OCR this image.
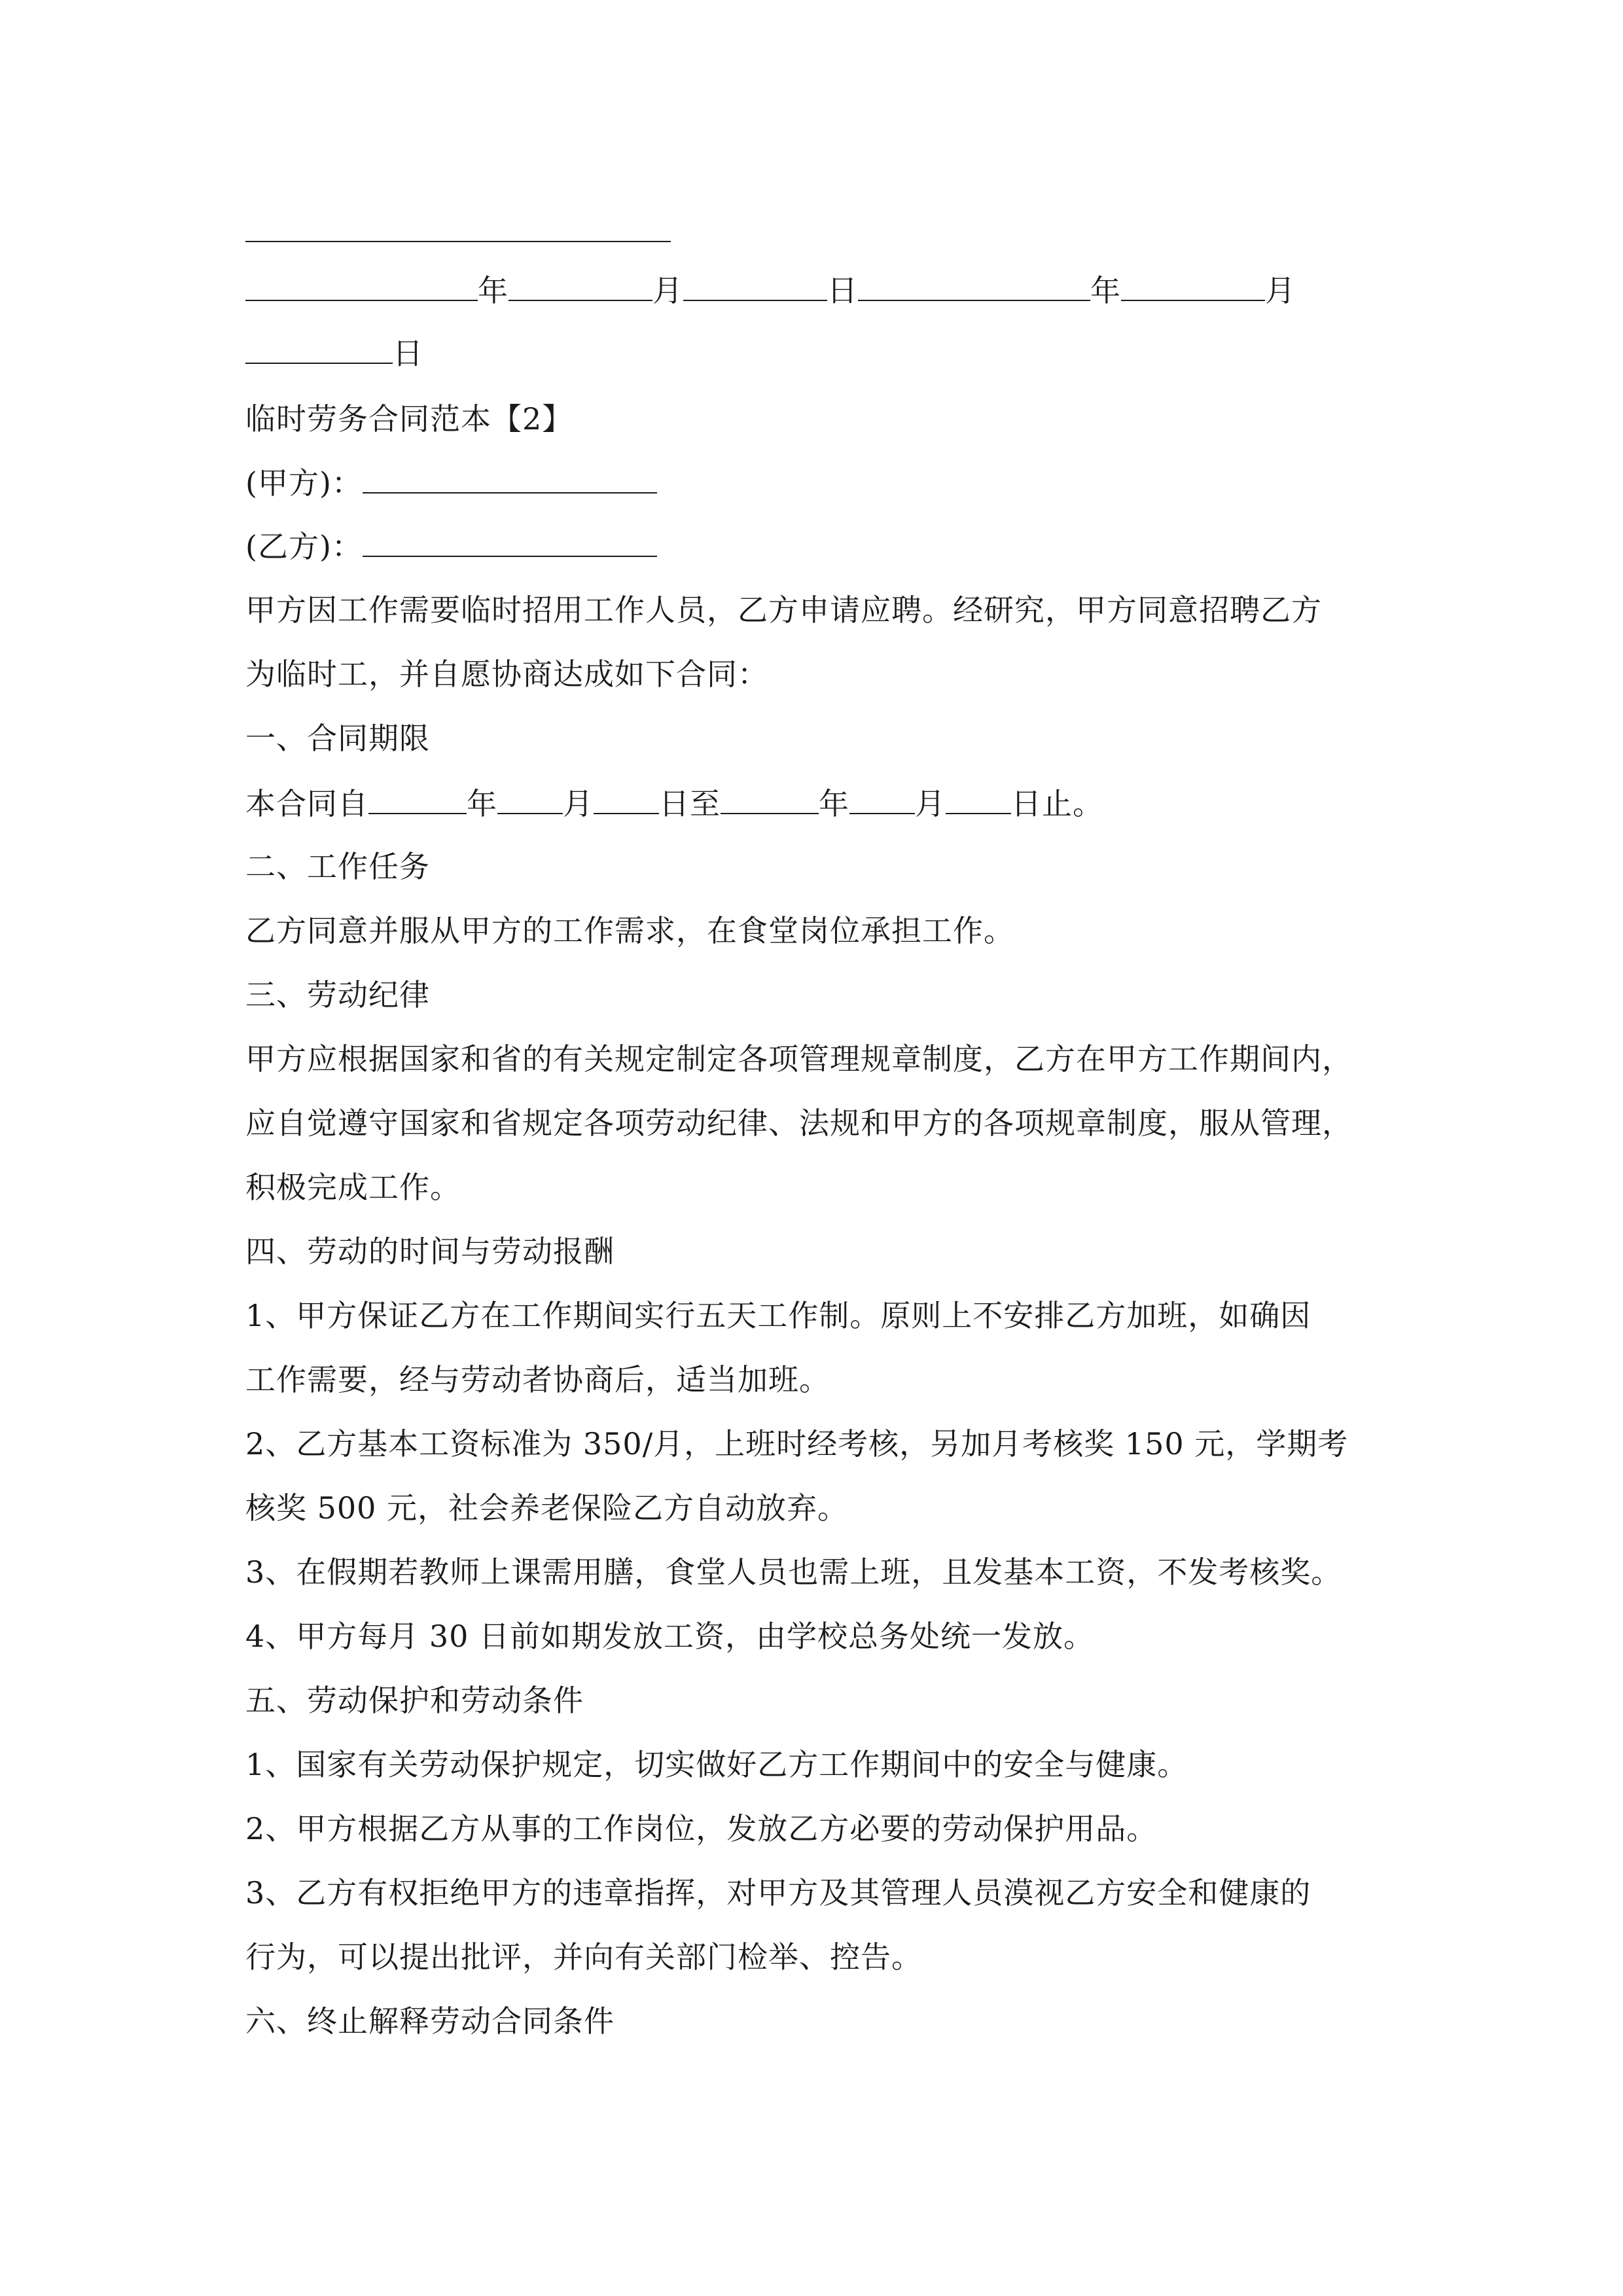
年	月	日	年	月
日
临时劳务合同范本【2】
(甲方)：
(乙方)：
甲方因工作需要临时招用工作人员，乙方申请应聘。经研究，甲方同意招聘乙方
为临时工，并自愿协商达成如下合同：
一、合同期限
本合同自	年 月 日至	年 月 日止。
二、工作任务
乙方同意并服从甲方的工作需求，在食堂岗位承担工作。
三、劳动纪律
甲方应根据国家和省的有关规定制定各项管理规章制度，乙方在甲方工作期间内，
应自觉遵守国家和省规定各项劳动纪律、法规和甲方的各项规章制度，服从管理，
积极完成工作。
四、劳动的时间与劳动报酬
1、甲方保证乙方在工作期间实行五天工作制。原则上不安排乙方加班，如确因
工作需要，经与劳动者协商后，适当加班。
2、乙方基本工资标准为 350/月，上班时经考核，另加月考核奖 150 元，学期考
核奖 500 元，社会养老保险乙方自动放弃。
3、在假期若教师上课需用膳，食堂人员也需上班，且发基本工资，不发考核奖。
4、甲方每月 30 日前如期发放工资，由学校总务处统一发放。
五、劳动保护和劳动条件
1、国家有关劳动保护规定，切实做好乙方工作期间中的安全与健康。
2、甲方根据乙方从事的工作岗位，发放乙方必要的劳动保护用品。
3、乙方有权拒绝甲方的违章指挥，对甲方及其管理人员漠视乙方安全和健康的
行为，可以提出批评，并向有关部门检举、控告。
六、终止解释劳动合同条件
